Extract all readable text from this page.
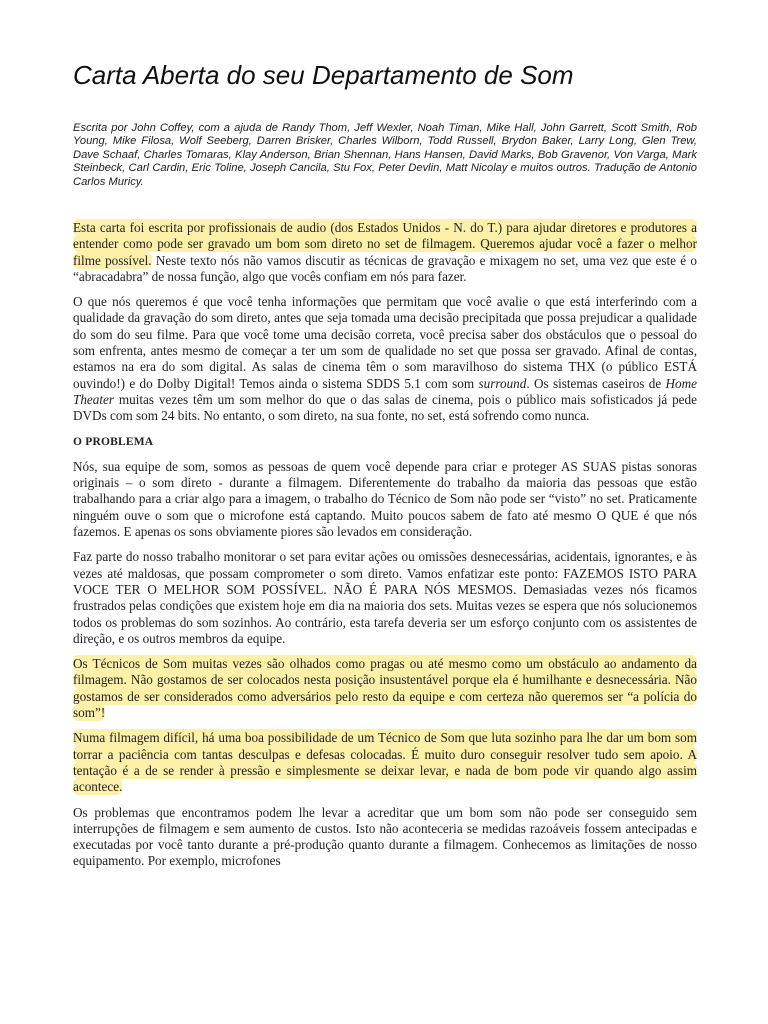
Carta Aberta do seu Departamento de Som

Escrita por John Coffey, com a ajuda de Randy Thom, Jeff Wexler, Noah Timan, Mike Hall, John Garrett, Scott Smith, Rob Young, Mike Filosa, Wolf Seeberg, Darren Brisker, Charles Wilborn, Todd Russell, Brydon Baker, Larry Long, Glen Trew, Dave Schaaf, Charles Tomaras, Klay Anderson, Brian Shennan, Hans Hansen, David Marks, Bob Gravenor, Von Varga, Mark Steinbeck, Carl Cardin, Eric Toline, Joseph Cancila, Stu Fox, Peter Devlin, Matt Nicolay e muitos outros. Tradução de Antonio Carlos Muricy.

Esta carta foi escrita por profissionais de audio (dos Estados Unidos - N. do T.) para ajudar diretores e produtores a entender como pode ser gravado um bom som direto no set de filmagem. Queremos ajudar você a fazer o melhor filme possível. Neste texto nós não vamos discutir as técnicas de gravação e mixagem no set, uma vez que este é o “abracadabra” de nossa função, algo que vocês confiam em nós para fazer.

O que nós queremos é que você tenha informações que permitam que você avalie o que está interferindo com a qualidade da gravação do som direto, antes que seja tomada uma decisão precipitada que possa prejudicar a qualidade do som do seu filme. Para que você tome uma decisão correta, você precisa saber dos obstáculos que o pessoal do som enfrenta, antes mesmo de começar a ter um som de qualidade no set que possa ser gravado. Afinal de contas, estamos na era do som digital. As salas de cinema têm o som maravilhoso do sistema THX (o público ESTÁ ouvindo!) e do Dolby Digital! Temos ainda o sistema SDDS 5.1 com som surround. Os sistemas caseiros de Home Theater muitas vezes têm um som melhor do que o das salas de cinema, pois o público mais sofisticados já pede DVDs com som 24 bits. No entanto, o som direto, na sua fonte, no set, está sofrendo como nunca.

O PROBLEMA

Nós, sua equipe de som, somos as pessoas de quem você depende para criar e proteger AS SUAS pistas sonoras originais – o som direto - durante a filmagem. Diferentemente do trabalho da maioria das pessoas que estão trabalhando para a criar algo para a imagem, o trabalho do Técnico de Som não pode ser “visto” no set. Praticamente ninguém ouve o som que o microfone está captando. Muito poucos sabem de fato até mesmo O QUE é que nós fazemos. E apenas os sons obviamente piores são levados em consideração.

Faz parte do nosso trabalho monitorar o set para evitar ações ou omissões desnecessárias, acidentais, ignorantes, e às vezes até maldosas, que possam comprometer o som direto. Vamos enfatizar este ponto: FAZEMOS ISTO PARA VOCE TER O MELHOR SOM POSSÍVEL. NÃO É PARA NÓS MESMOS. Demasiadas vezes nós ficamos frustrados pelas condições que existem hoje em dia na maioria dos sets. Muitas vezes se espera que nós solucionemos todos os problemas do som sozinhos. Ao contrário, esta tarefa deveria ser um esforço conjunto com os assistentes de direção, e os outros membros da equipe.

Os Técnicos de Som muitas vezes são olhados como pragas ou até mesmo como um obstáculo ao andamento da filmagem. Não gostamos de ser colocados nesta posição insustentável porque ela é humilhante e desnecessária. Não gostamos de ser considerados como adversários pelo resto da equipe e com certeza não queremos ser “a polícia do som”!

Numa filmagem difícil, há uma boa possibilidade de um Técnico de Som que luta sozinho para lhe dar um bom som torrar a paciência com tantas desculpas e defesas colocadas. É muito duro conseguir resolver tudo sem apoio. A tentação é a de se render à pressão e simplesmente se deixar levar, e nada de bom pode vir quando algo assim acontece.

Os problemas que encontramos podem lhe levar a acreditar que um bom som não pode ser conseguido sem interrupções de filmagem e sem aumento de custos. Isto não aconteceria se medidas razoáveis fossem antecipadas e executadas por você tanto durante a pré-produção quanto durante a filmagem. Conhecemos as limitações de nosso equipamento. Por exemplo, microfones
